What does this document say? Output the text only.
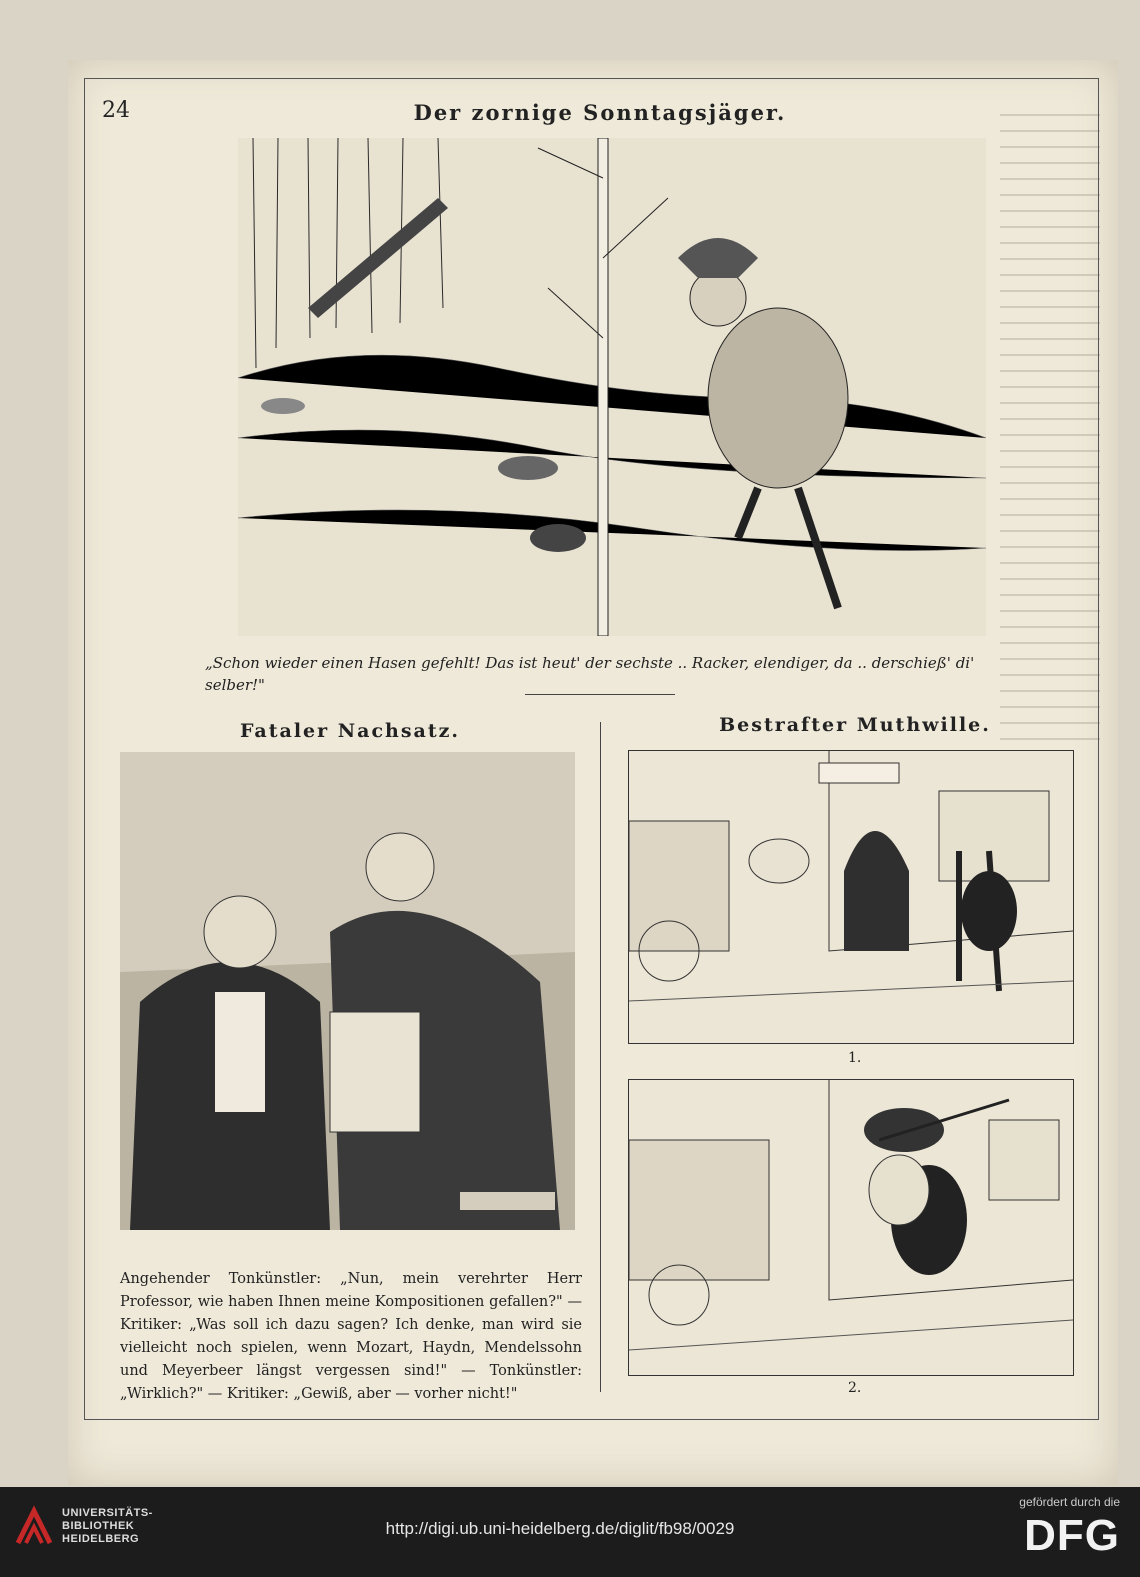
24	Der zornige Sonntagsjäger.
„Schon wieder einen Hasen gefehlt! Das ist heut' der sechste .. Racker, elendiger, da .. derschieß' di' selber!"
Fataler Nachsatz.	Bestrafter Muthwille.
Angehender Tonkünstler: „Nun, mein verehrter Herr Professor, wie haben Ihnen meine Kompositionen gefallen?" — Kritiker: „Was soll ich dazu sagen? Ich denke, man wird sie vielleicht noch spielen, wenn Mozart, Haydn, Mendelssohn und Meyerbeer längst vergessen sind!" — Tonkünstler: „Wirklich?" — Kritiker: „Gewiß, aber — vorher nicht!"
1.
2.
UNIVERSITÄTS-
BIBLIOTHEK
HEIDELBERG
http://digi.ub.uni-heidelberg.de/diglit/fb98/0029
gefördert durch die
DFG
